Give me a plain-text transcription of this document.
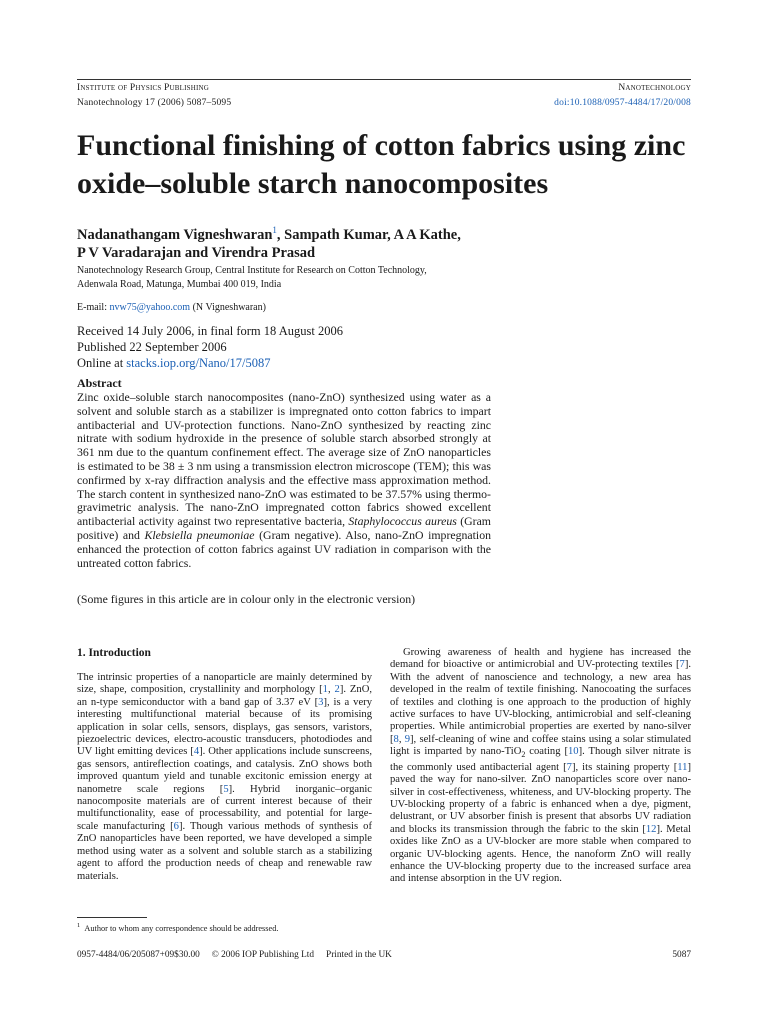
Institute of Physics Publishing	Nanotechnology
Nanotechnology 17 (2006) 5087–5095	doi:10.1088/0957-4484/17/20/008
Functional finishing of cotton fabrics using zinc oxide–soluble starch nanocomposites

Nadanathangam Vigneshwaran$^1$, Sampath Kumar, A A Kathe,
P V Varadarajan and Virendra Prasad

Nanotechnology Research Group, Central Institute for Research on Cotton Technology,
Adenwala Road, Matunga, Mumbai 400 019, India

E-mail: nvw75@yahoo.com (N Vigneshwaran)

Received 14 July 2006, in final form 18 August 2006
Published 22 September 2006
Online at stacks.iop.org/Nano/17/5087

Abstract

Zinc oxide–soluble starch nanocomposites (nano-ZnO) synthesized using water as a solvent and soluble starch as a stabilizer is impregnated onto cotton fabrics to impart antibacterial and UV-protection functions. Nano-ZnO synthesized by reacting zinc nitrate with sodium hydroxide in the presence of soluble starch absorbed strongly at 361 nm due to the quantum confinement effect. The average size of ZnO nanoparticles is estimated to be 38 ± 3 nm using a transmission electron microscope (TEM); this was confirmed by x-ray diffraction analysis and the effective mass approximation method. The starch content in synthesized nano-ZnO was estimated to be 37.57% using thermo-gravimetric analysis. The nano-ZnO impregnated cotton fabrics showed excellent antibacterial activity against two representative bacteria, Staphylococcus aureus (Gram positive) and Klebsiella pneumoniae (Gram negative). Also, nano-ZnO impregnation enhanced the protection of cotton fabrics against UV radiation in comparison with the untreated cotton fabrics.

(Some figures in this article are in colour only in the electronic version)

1. Introduction

The intrinsic properties of a nanoparticle are mainly determined by size, shape, composition, crystallinity and morphology [1, 2]. ZnO, an n-type semiconductor with a band gap of 3.37 eV [3], is a very interesting multifunctional material because of its promising application in solar cells, sensors, displays, gas sensors, varistors, piezoelectric devices, electro-acoustic transducers, photodiodes and UV light emitting devices [4]. Other applications include sunscreens, gas sensors, antireflection coatings, and catalysis. ZnO shows both improved quantum yield and tunable excitonic emission energy at nanometre scale regions [5]. Hybrid inorganic–organic nanocomposite materials are of current interest because of their multifunctionality, ease of processability, and potential for large-scale manufacturing [6]. Though various methods of synthesis of ZnO nanoparticles have been reported, we have developed a simple method using water as a solvent and soluble starch as a stabilizing agent to afford the production needs of cheap and renewable raw materials.

Growing awareness of health and hygiene has increased the demand for bioactive or antimicrobial and UV-protecting textiles [7]. With the advent of nanoscience and technology, a new area has developed in the realm of textile finishing. Nanocoating the surfaces of textiles and clothing is one approach to the production of highly active surfaces to have UV-blocking, antimicrobial and self-cleaning properties. While antimicrobial properties are exerted by nano-silver [8, 9], self-cleaning of wine and coffee stains using a solar stimulated light is imparted by nano-TiO$_2$ coating [10]. Though silver nitrate is the commonly used antibacterial agent [7], its staining property [11] paved the way for nano-silver. ZnO nanoparticles score over nano-silver in cost-effectiveness, whiteness, and UV-blocking property. The UV-blocking property of a fabric is enhanced when a dye, pigment, delustrant, or UV absorber finish is present that absorbs UV radiation and blocks its transmission through the fabric to the skin [12]. Metal oxides like ZnO as a UV-blocker are more stable when compared to organic UV-blocking agents. Hence, the nanoform ZnO will really enhance the UV-blocking property due to the increased surface area and intense absorption in the UV region.

$^1$ Author to whom any correspondence should be addressed.

0957-4484/06/205087+09$30.00 © 2006 IOP Publishing Ltd Printed in the UK	5087
